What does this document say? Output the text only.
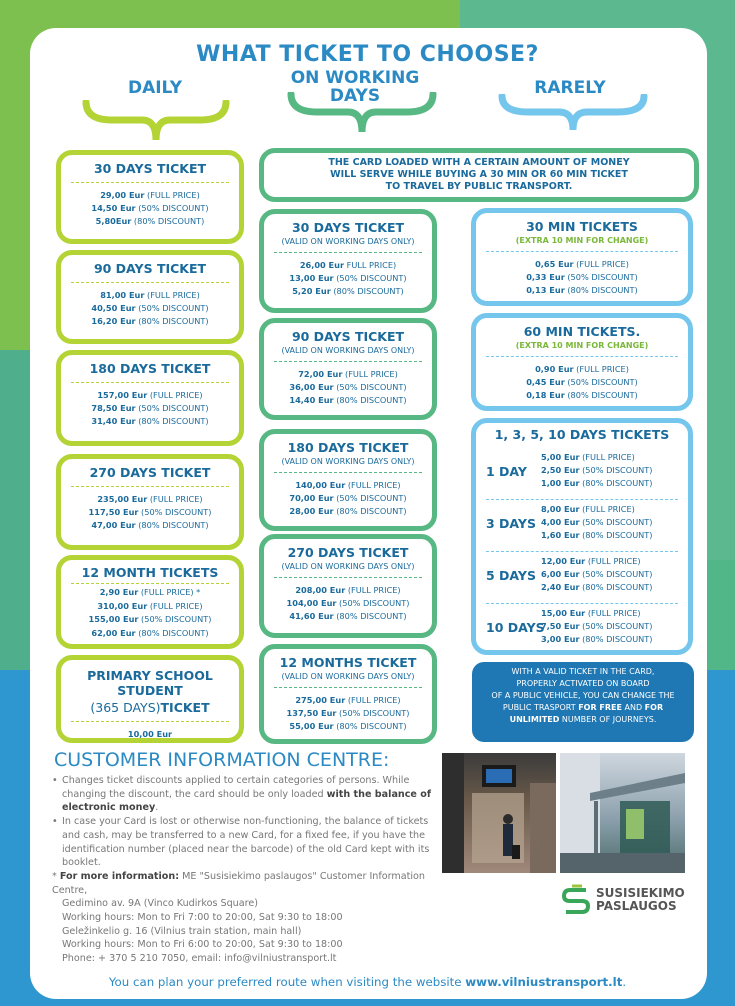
WHAT TICKET TO CHOOSE?
DAILY	ON WORKING
DAYS	RARELY
THE CARD LOADED WITH A CERTAIN AMOUNT OF MONEY
WILL SERVE WHILE BUYING A 30 MIN OR 60 MIN TICKET
TO TRAVEL BY PUBLIC TRANSPORT.
30 DAYS TICKET
29,00 Eur (FULL PRICE)
14,50 Eur (50% DISCOUNT)
5,80Eur (80% DISCOUNT)
90 DAYS TICKET
81,00 Eur (FULL PRICE)
40,50 Eur (50% DISCOUNT)
16,20 Eur (80% DISCOUNT)
180 DAYS TICKET
157,00 Eur (FULL PRICE)
78,50 Eur (50% DISCOUNT)
31,40 Eur (80% DISCOUNT)
270 DAYS TICKET
235,00 Eur (FULL PRICE)
117,50 Eur (50% DISCOUNT)
47,00 Eur (80% DISCOUNT)
12 MONTH TICKETS
2,90 Eur (FULL PRICE) *
310,00 Eur (FULL PRICE)
155,00 Eur (50% DISCOUNT)
62,00 Eur (80% DISCOUNT)
PRIMARY SCHOOL STUDENT
(365 DAYS)TICKET
10,00 Eur
30 DAYS TICKET
(VALID ON WORKING DAYS ONLY)
26,00 Eur FULL PRICE)
13,00 Eur (50% DISCOUNT)
5,20 Eur (80% DISCOUNT)
90 DAYS TICKET
(VALID ON WORKING DAYS ONLY)
72,00 Eur (FULL PRICE)
36,00 Eur (50% DISCOUNT)
14,40 Eur (80% DISCOUNT)
180 DAYS TICKET
(VALID ON WORKING DAYS ONLY)
140,00 Eur (FULL PRICE)
70,00 Eur (50% DISCOUNT)
28,00 Eur (80% DISCOUNT)
270 DAYS TICKET
(VALID ON WORKING DAYS ONLY)
208,00 Eur (FULL PRICE)
104,00 Eur (50% DISCOUNT)
41,60 Eur (80% DISCOUNT)
12 MONTHS TICKET
(VALID ON WORKING DAYS ONLY)
275,00 Eur (FULL PRICE)
137,50 Eur (50% DISCOUNT)
55,00 Eur (80% DISCOUNT)
30 MIN TICKETS
(EXTRA 10 MIN FOR CHANGE)
0,65 Eur (FULL PRICE)
0,33 Eur (50% DISCOUNT)
0,13 Eur (80% DISCOUNT)
60 MIN TICKETS.
(EXTRA 10 MIN FOR CHANGE)
0,90 Eur (FULL PRICE)
0,45 Eur (50% DISCOUNT)
0,18 Eur (80% DISCOUNT)
1, 3, 5, 10 DAYS TICKETS
1 DAY
5,00 Eur (FULL PRICE)
2,50 Eur (50% DISCOUNT)
1,00 Eur (80% DISCOUNT)
3 DAYS
8,00 Eur (FULL PRICE)
4,00 Eur (50% DISCOUNT)
1,60 Eur (80% DISCOUNT)
5 DAYS
12,00 Eur (FULL PRICE)
6,00 Eur (50% DISCOUNT)
2,40 Eur (80% DISCOUNT)
10 DAYS
15,00 Eur (FULL PRICE)
7,50 Eur (50% DISCOUNT)
3,00 Eur (80% DISCOUNT)
WITH A VALID TICKET IN THE CARD,
PROPERLY ACTIVATED ON BOARD
OF A PUBLIC VEHICLE, YOU CAN CHANGE THE
PUBLIC TRASPORT FOR FREE AND FOR
UNLIMITED NUMBER OF JOURNEYS.
CUSTOMER INFORMATION CENTRE:
• Changes ticket discounts applied to certain categories of persons. While changing the discount, the card should be only loaded with the balance of electronic money.
• In case your Card is lost or otherwise non-functioning, the balance of tickets and cash, may be transferred to a new Card, for a fixed fee, if you have the identification number (placed near the barcode) of the old Card kept with its booklet.
* For more information: ME "Susisiekimo paslaugos" Customer Information Centre,
Gedimino av. 9A (Vinco Kudirkos Square)
Working hours: Mon to Fri 7:00 to 20:00, Sat 9:30 to 18:00
Geležinkelio g. 16 (Vilnius train station, main hall)
Working hours: Mon to Fri 6:00 to 20:00, Sat 9:30 to 18:00
Phone: + 370 5 210 7050, email: info@vilniustransport.lt
SUSISIEKIMO
PASLAUGOS
You can plan your preferred route when visiting the website www.vilniustransport.lt.
